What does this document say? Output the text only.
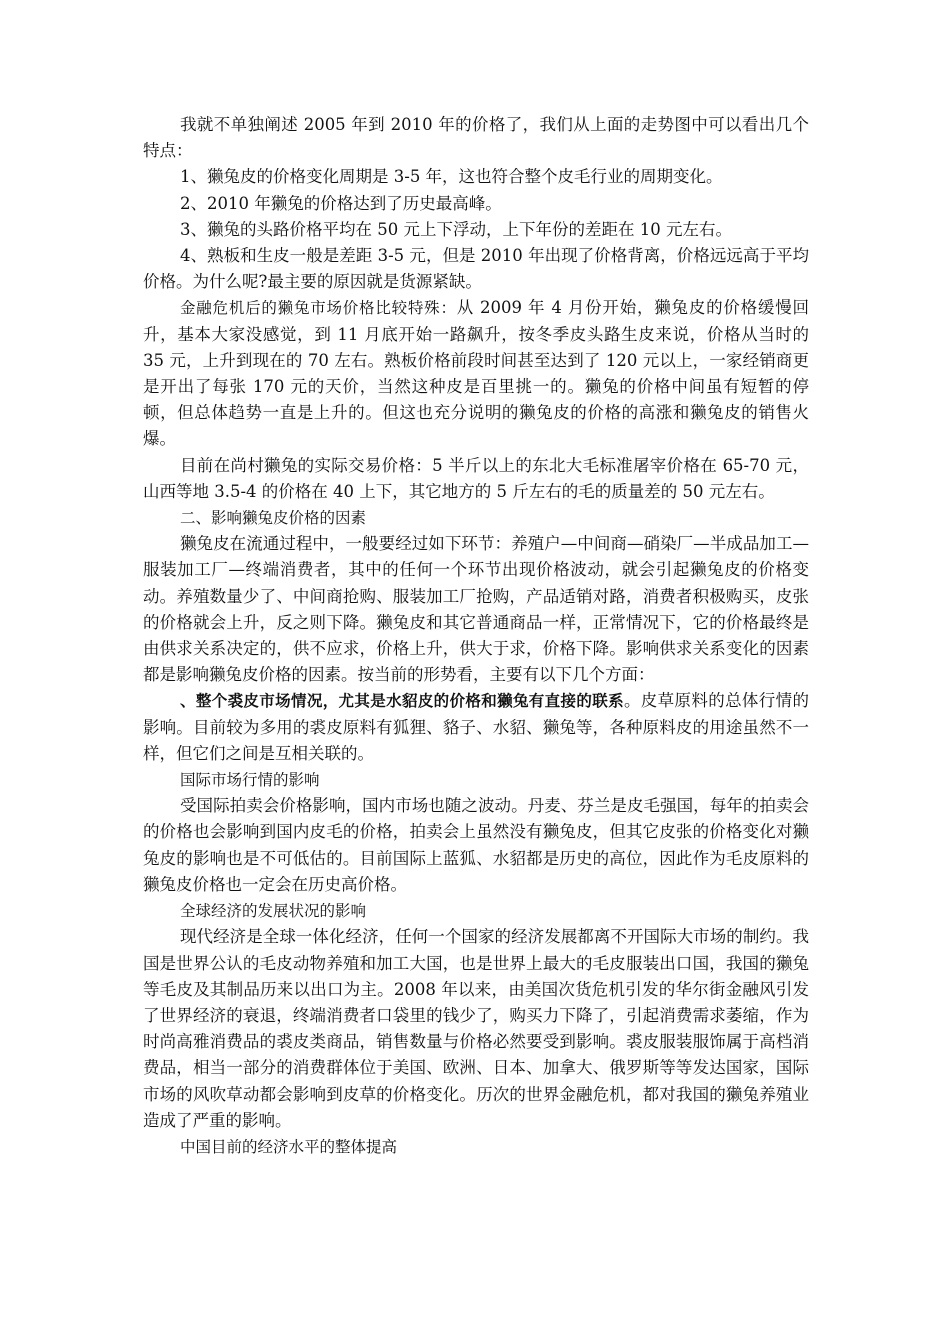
我就不单独阐述 2005 年到 2010 年的价格了，我们从上面的走势图中可以看出几个特点：

1、獭兔皮的价格变化周期是 3-5 年，这也符合整个皮毛行业的周期变化。

2、2010 年獭兔的价格达到了历史最高峰。

3、獭兔的头路价格平均在 50 元上下浮动，上下年份的差距在 10 元左右。

4、熟板和生皮一般是差距 3-5 元，但是 2010 年出现了价格背离，价格远远高于平均价格。为什么呢?最主要的原因就是货源紧缺。

金融危机后的獭兔市场价格比较特殊：从 2009 年 4 月份开始，獭兔皮的价格缓慢回升，基本大家没感觉，到 11 月底开始一路飙升，按冬季皮头路生皮来说，价格从当时的 35 元，上升到现在的 70 左右。熟板价格前段时间甚至达到了 120 元以上，一家经销商更是开出了每张 170 元的天价，当然这种皮是百里挑一的。獭兔的价格中间虽有短暂的停顿，但总体趋势一直是上升的。但这也充分说明的獭兔皮的价格的高涨和獭兔皮的销售火爆。

目前在尚村獭兔的实际交易价格：5 半斤以上的东北大毛标准屠宰价格在 65-70 元，山西等地 3.5-4 的价格在 40 上下，其它地方的 5 斤左右的毛的质量差的 50 元左右。

二、影响獭兔皮价格的因素

獭兔皮在流通过程中，一般要经过如下环节：养殖户—中间商—硝染厂—半成品加工—服装加工厂—终端消费者，其中的任何一个环节出现价格波动，就会引起獭兔皮的价格变动。养殖数量少了、中间商抢购、服装加工厂抢购，产品适销对路，消费者积极购买，皮张的价格就会上升，反之则下降。獭兔皮和其它普通商品一样，正常情况下，它的价格最终是由供求关系决定的，供不应求，价格上升，供大于求，价格下降。影响供求关系变化的因素都是影响獭兔皮价格的因素。按当前的形势看，主要有以下几个方面：

、整个裘皮市场情况，尤其是水貂皮的价格和獭兔有直接的联系。皮草原料的总体行情的影响。目前较为多用的裘皮原料有狐狸、貉子、水貂、獭兔等，各种原料皮的用途虽然不一样，但它们之间是互相关联的。

国际市场行情的影响

受国际拍卖会价格影响，国内市场也随之波动。丹麦、芬兰是皮毛强国，每年的拍卖会的价格也会影响到国内皮毛的价格，拍卖会上虽然没有獭兔皮，但其它皮张的价格变化对獭兔皮的影响也是不可低估的。目前国际上蓝狐、水貂都是历史的高位，因此作为毛皮原料的獭兔皮价格也一定会在历史高价格。

全球经济的发展状况的影响

现代经济是全球一体化经济，任何一个国家的经济发展都离不开国际大市场的制约。我国是世界公认的毛皮动物养殖和加工大国，也是世界上最大的毛皮服装出口国，我国的獭兔等毛皮及其制品历来以出口为主。2008 年以来，由美国次货危机引发的华尔街金融风引发了世界经济的衰退，终端消费者口袋里的钱少了，购买力下降了，引起消费需求萎缩，作为时尚高雅消费品的裘皮类商品，销售数量与价格必然要受到影响。裘皮服装服饰属于高档消费品，相当一部分的消费群体位于美国、欧洲、日本、加拿大、俄罗斯等等发达国家，国际市场的风吹草动都会影响到皮草的价格变化。历次的世界金融危机，都对我国的獭兔养殖业造成了严重的影响。

中国目前的经济水平的整体提高
